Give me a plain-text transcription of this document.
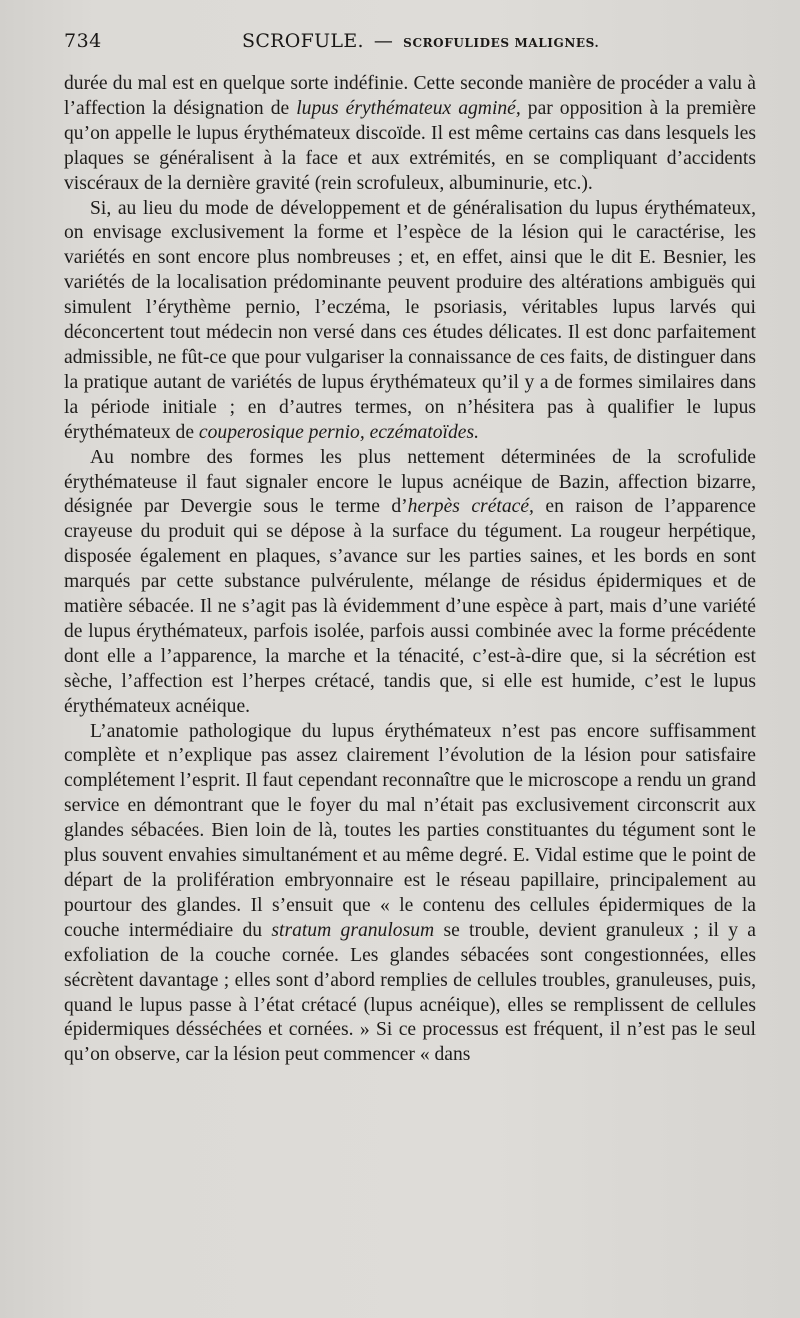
734	SCROFULE. — SCROFULIDES MALIGNES.

durée du mal est en quelque sorte indéfinie. Cette seconde manière de procéder a valu à l’affection la désignation de lupus érythémateux agminé, par opposition à la première qu’on appelle le lupus érythémateux discoïde. Il est même certains cas dans lesquels les plaques se généralisent à la face et aux extrémités, en se compliquant d’accidents viscéraux de la dernière gravité (rein scrofuleux, albuminurie, etc.).

Si, au lieu du mode de développement et de généralisation du lupus érythémateux, on envisage exclusivement la forme et l’espèce de la lésion qui le caractérise, les variétés en sont encore plus nombreuses ; et, en effet, ainsi que le dit E. Besnier, les variétés de la localisation prédominante peuvent produire des altérations ambiguës qui simulent l’érythème pernio, l’eczéma, le psoriasis, véritables lupus larvés qui déconcertent tout médecin non versé dans ces études délicates. Il est donc parfaitement admissible, ne fût-ce que pour vulgariser la connaissance de ces faits, de distinguer dans la pratique autant de variétés de lupus érythémateux qu’il y a de formes similaires dans la période initiale ; en d’autres termes, on n’hésitera pas à qualifier le lupus érythémateux de couperosique pernio, eczématoïdes.

Au nombre des formes les plus nettement déterminées de la scrofulide érythémateuse il faut signaler encore le lupus acnéique de Bazin, affection bizarre, désignée par Devergie sous le terme d’herpès crétacé, en raison de l’apparence crayeuse du produit qui se dépose à la surface du tégument. La rougeur herpétique, disposée également en plaques, s’avance sur les parties saines, et les bords en sont marqués par cette substance pulvérulente, mélange de résidus épidermiques et de matière sébacée. Il ne s’agit pas là évidemment d’une espèce à part, mais d’une variété de lupus érythémateux, parfois isolée, parfois aussi combinée avec la forme précédente dont elle a l’apparence, la marche et la ténacité, c’est-à-dire que, si la sécrétion est sèche, l’affection est l’herpes crétacé, tandis que, si elle est humide, c’est le lupus érythémateux acnéique.

L’anatomie pathologique du lupus érythémateux n’est pas encore suffisamment complète et n’explique pas assez clairement l’évolution de la lésion pour satisfaire complétement l’esprit. Il faut cependant reconnaître que le microscope a rendu un grand service en démontrant que le foyer du mal n’était pas exclusivement circonscrit aux glandes sébacées. Bien loin de là, toutes les parties constituantes du tégument sont le plus souvent envahies simultanément et au même degré. E. Vidal estime que le point de départ de la prolifération embryonnaire est le réseau papillaire, principalement au pourtour des glandes. Il s’ensuit que « le contenu des cellules épidermiques de la couche intermédiaire du stratum granulosum se trouble, devient granuleux ; il y a exfoliation de la couche cornée. Les glandes sébacées sont congestionnées, elles sécrètent davantage ; elles sont d’abord remplies de cellules troubles, granuleuses, puis, quand le lupus passe à l’état crétacé (lupus acnéique), elles se remplissent de cellules épidermiques désséchées et cornées. » Si ce processus est fréquent, il n’est pas le seul qu’on observe, car la lésion peut commencer « dans
